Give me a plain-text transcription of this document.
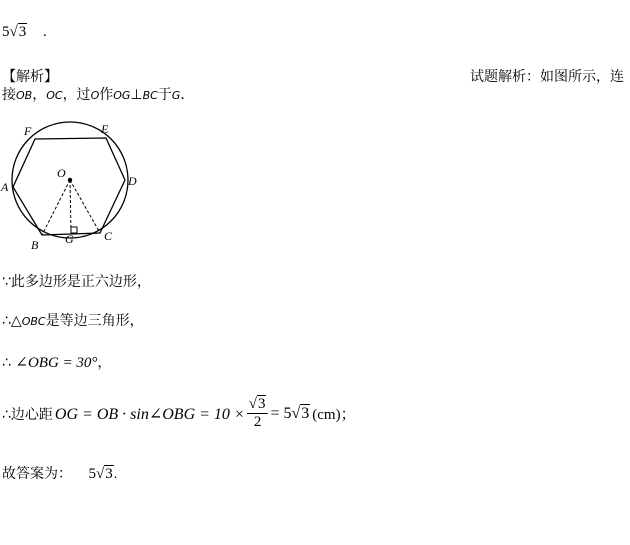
5√3 .
【解析】	试题解析：如图所示，连
接OB，OC，过O作OG⊥BC于G．
F	E
A	D
O
B G	C
∵此多边形是正六边形，
∴△OBC是等边三角形，
∴ ∠OBG = 30°，
∴边心距 OG = OB · sin∠OBG = $10 \times \frac{√3}{2} = 5$ √3 (cm)；
故答案为： 5√3.
